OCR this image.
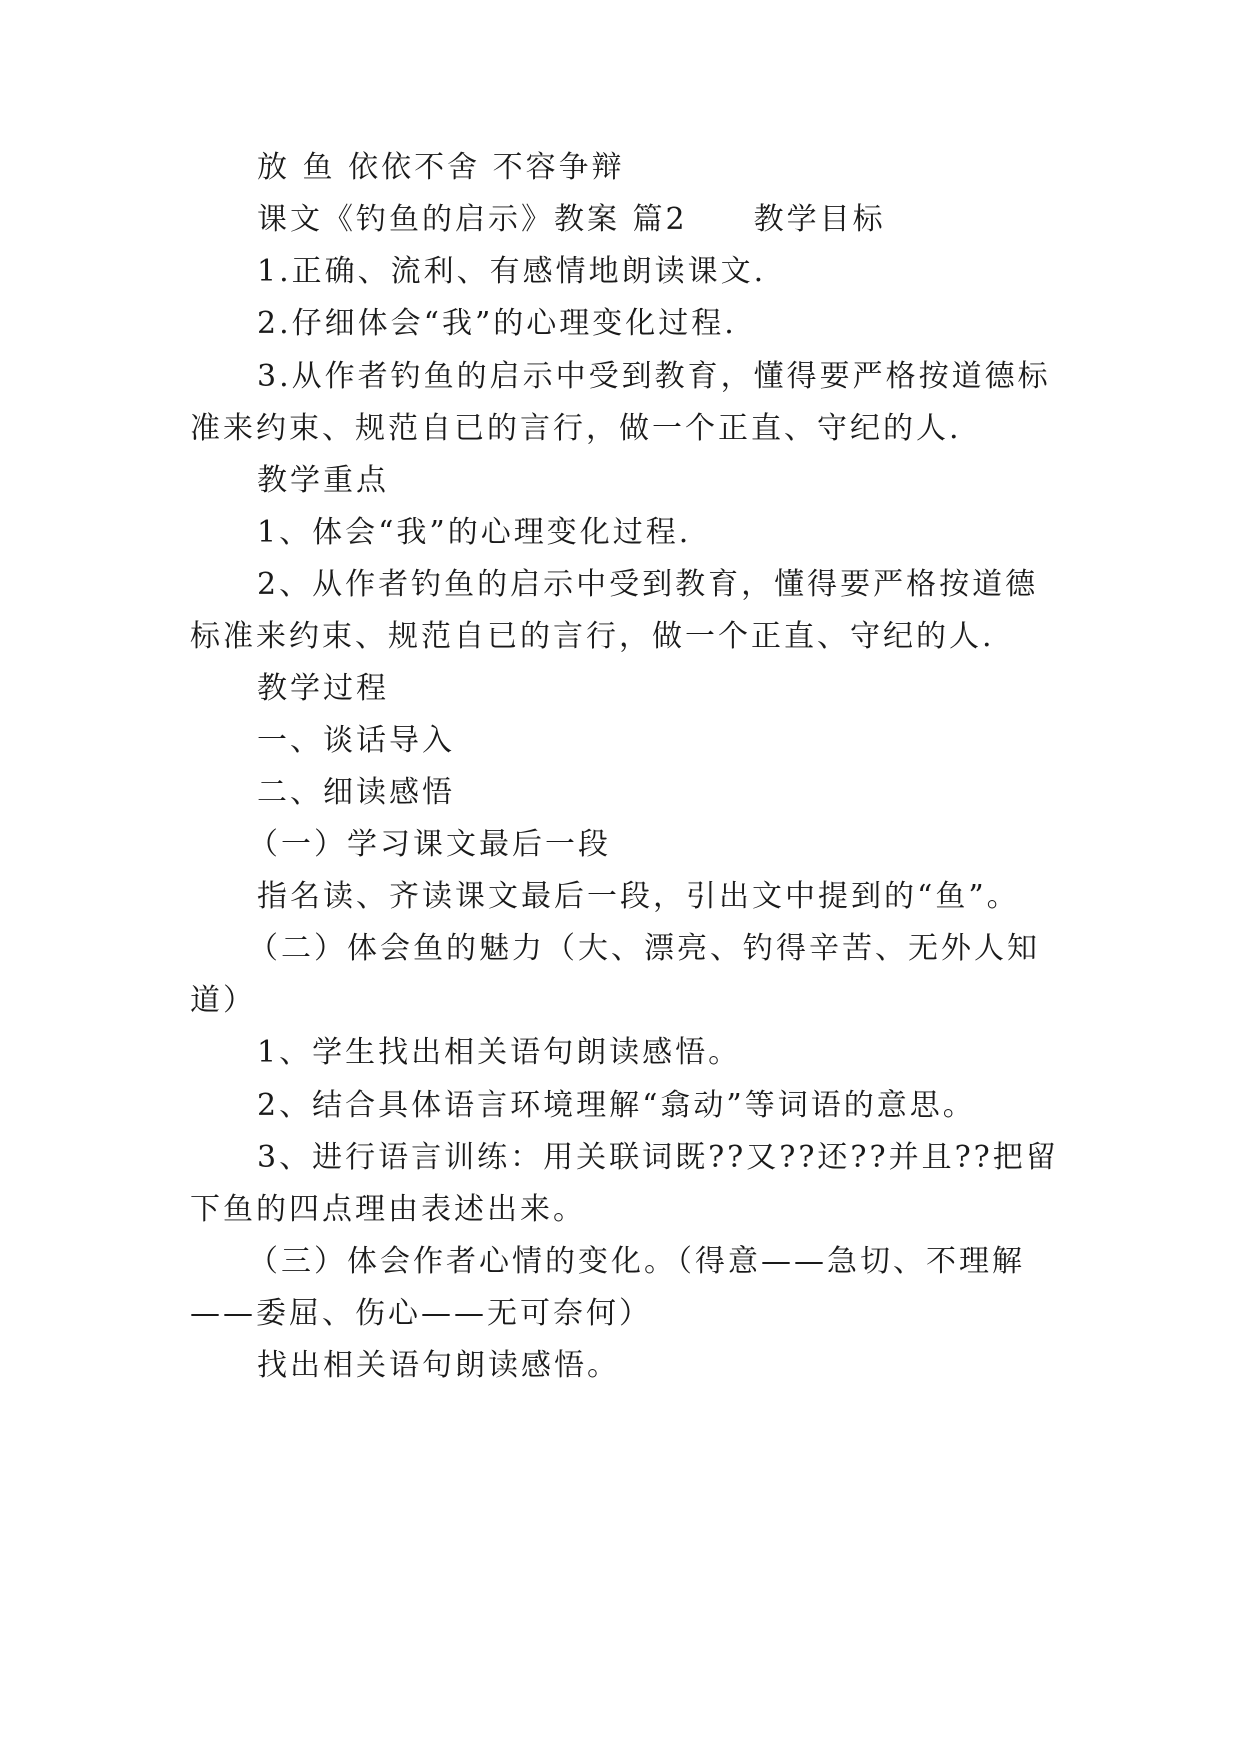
放 鱼 依依不舍 不容争辩
课文《钓鱼的启示》教案 篇2　　教学目标
1.正确、流利、有感情地朗读课文.
2.仔细体会“我”的心理变化过程.
3.从作者钓鱼的启示中受到教育，懂得要严格按道德标
准来约束、规范自已的言行，做一个正直、守纪的人.
教学重点
1、体会“我”的心理变化过程.
2、从作者钓鱼的启示中受到教育，懂得要严格按道德
标准来约束、规范自已的言行，做一个正直、守纪的人.
教学过程
一、谈话导入
二、细读感悟
（一）学习课文最后一段
指名读、齐读课文最后一段，引出文中提到的“鱼”。
（二）体会鱼的魅力（大、漂亮、钓得辛苦、无外人知
道）
1、学生找出相关语句朗读感悟。
2、结合具体语言环境理解“翕动”等词语的意思。
3、进行语言训练：用关联词既??又??还??并且??把留
下鱼的四点理由表述出来。
（三）体会作者心情的变化。（得意——急切、不理解
——委屈、伤心——无可奈何）
找出相关语句朗读感悟。
